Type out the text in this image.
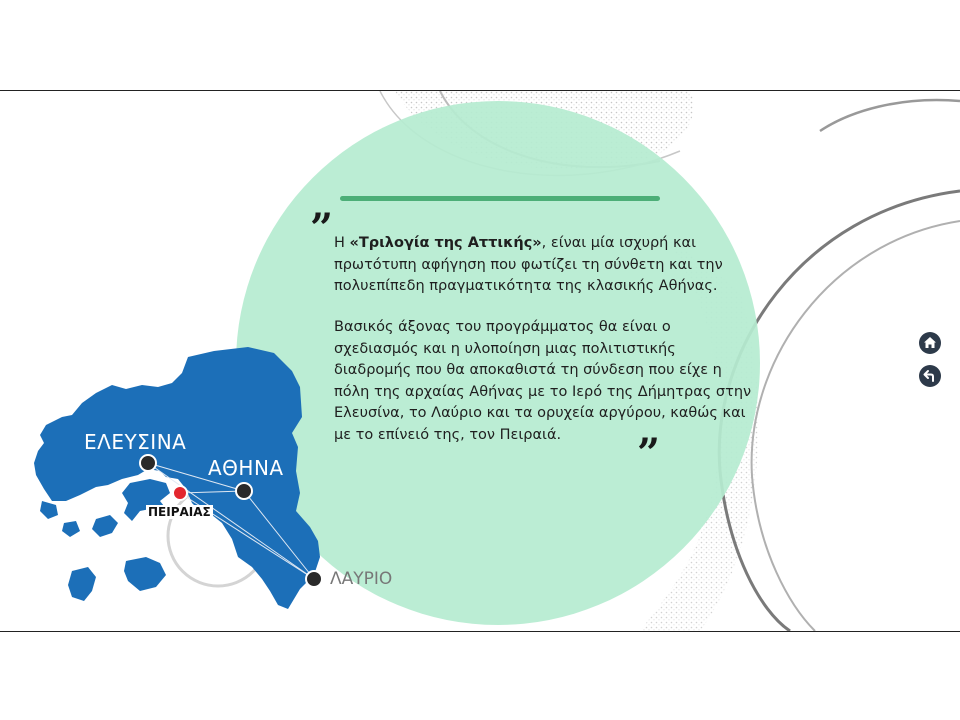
” Η «Τριλογία της Αττικής», είναι μία ισχυρή και πρωτότυπη αφήγηση που φωτίζει τη σύνθετη και την πολυεπίπεδη πραγματικότητα της κλασικής Αθήνας.

Βασικός άξονας του προγράμματος θα είναι ο σχεδιασμός και η υλοποίηση μιας πολιτιστικής διαδρομής που θα αποκαθιστά τη σύνδεση που είχε η πόλη της αρχαίας Αθήνας με το Ιερό της Δήμητρας στην Ελευσίνα, το Λαύριο και τα ορυχεία αργύρου, καθώς και με το επίνειό της, τον Πειραιά.	”
ΕΛΕΥΣΙΝΑ
ΑΘΗΝΑ
ΠΕΙΡΑΙΑΣ
ΛΑΥΡΙΟ
